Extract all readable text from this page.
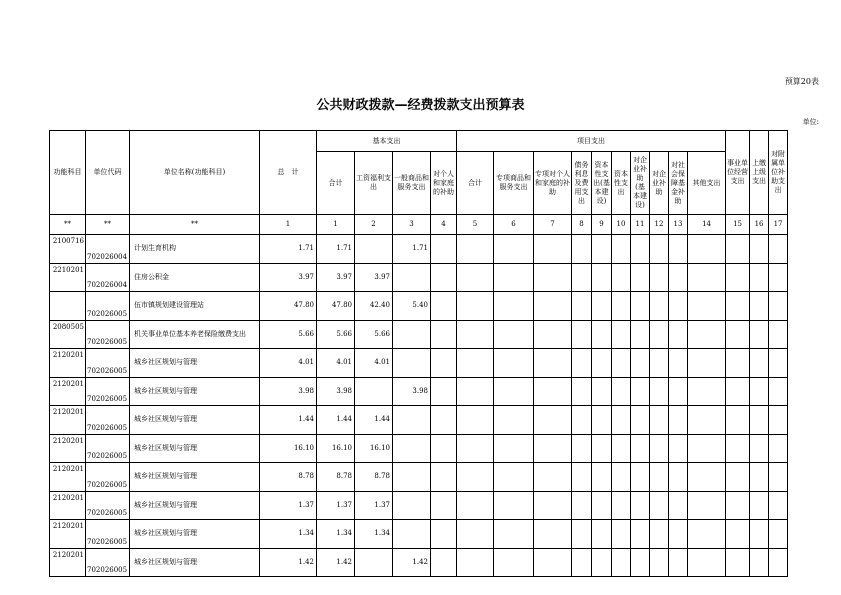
预算20表
公共财政拨款—经费拨款支出预算表
单位:
功能科目	单位代码	单位名称(功能科目)	总　计	基本支出				项目支出										事业单位经营支出	上缴上级支出	对附属单位补助支出
				合计	工资福利支出	一般商品和服务支出	对个人和家庭的补助	合计	专项商品和服务支出	专项对个人和家庭的补助	债务利息及费用支出	资本性支出(基本建设)	资本性支出	对企业补助(基本建设)	对企业补助	对社会保障基金补助	其他支出			
**	**	**	1	1	2	3	4	5	6	7	8	9	10	11	12	13	14	15	16	17
2100716	702026004	计划生育机构	1.71	1.71		1.71														
2210201	702026004	住房公积金	3.97	3.97	3.97															
	702026005	伍市镇规划建设管理站	47.80	47.80	42.40	5.40														
2080505	702026005	机关事业单位基本养老保险缴费支出	5.66	5.66	5.66															
2120201	702026005	城乡社区规划与管理	4.01	4.01	4.01															
2120201	702026005	城乡社区规划与管理	3.98	3.98		3.98														
2120201	702026005	城乡社区规划与管理	1.44	1.44	1.44															
2120201	702026005	城乡社区规划与管理	16.10	16.10	16.10															
2120201	702026005	城乡社区规划与管理	8.78	8.78	8.78															
2120201	702026005	城乡社区规划与管理	1.37	1.37	1.37															
2120201	702026005	城乡社区规划与管理	1.34	1.34	1.34															
2120201	702026005	城乡社区规划与管理	1.42	1.42		1.42														
